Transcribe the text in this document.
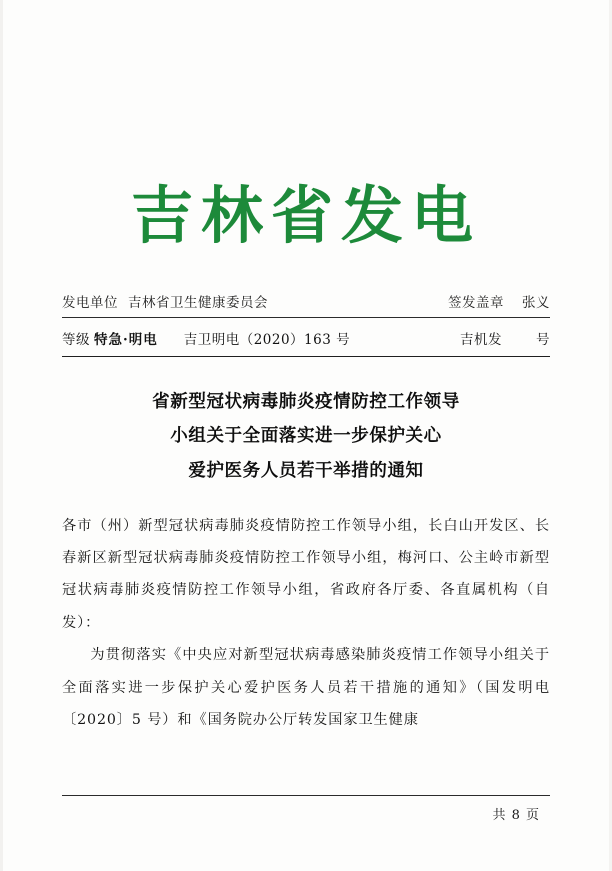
吉林省发电
发电单位 吉林省卫生健康委员会	签发盖章 张义
等级 特急·明电 吉卫明电（2020）163 号	吉机发	号
省新型冠状病毒肺炎疫情防控工作领导
小组关于全面落实进一步保护关心
爱护医务人员若干举措的通知

各市（州）新型冠状病毒肺炎疫情防控工作领导小组，长白山开发区、长春新区新型冠状病毒肺炎疫情防控工作领导小组，梅河口、公主岭市新型冠状病毒肺炎疫情防控工作领导小组，省政府各厅委、各直属机构（自发）：

为贯彻落实《中央应对新型冠状病毒感染肺炎疫情工作领导小组关于全面落实进一步保护关心爱护医务人员若干措施的通知》（国发明电〔2020〕5 号）和《国务院办公厅转发国家卫生健康

共 8 页
